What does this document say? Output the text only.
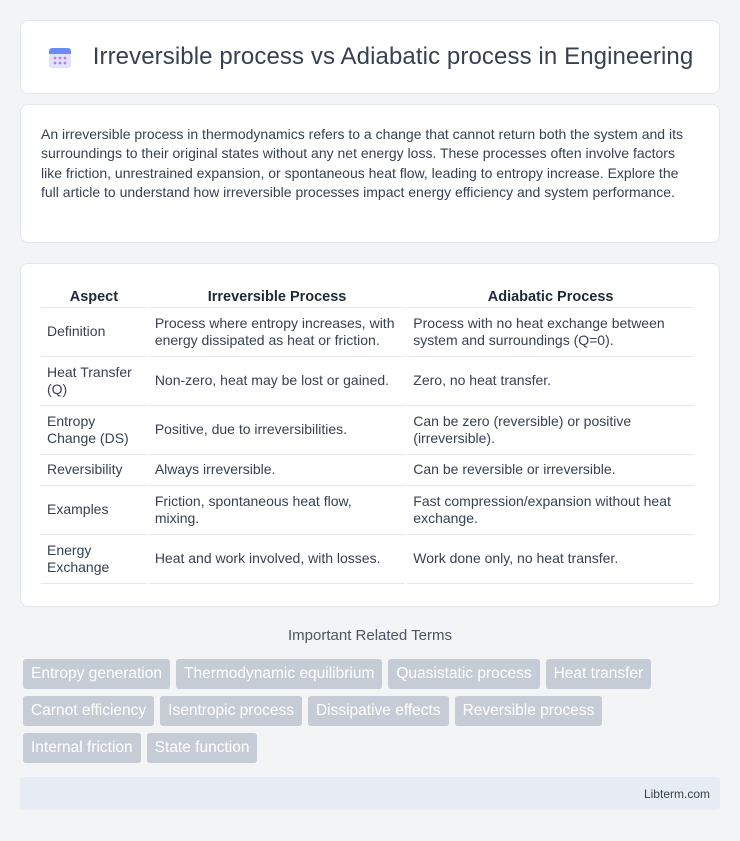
Irreversible process vs Adiabatic process in Engineering

An irreversible process in thermodynamics refers to a change that cannot return both the system and its surroundings to their original states without any net energy loss. These processes often involve factors like friction, unrestrained expansion, or spontaneous heat flow, leading to entropy increase. Explore the full article to understand how irreversible processes impact energy efficiency and system performance.

Aspect	Irreversible Process	Adiabatic Process
Definition	Process where entropy increases, with energy dissipated as heat or friction.	Process with no heat exchange between system and surroundings (Q=0).
Heat Transfer (Q)	Non-zero, heat may be lost or gained.	Zero, no heat transfer.
Entropy Change (DS)	Positive, due to irreversibilities.	Can be zero (reversible) or positive (irreversible).
Reversibility	Always irreversible.	Can be reversible or irreversible.
Examples	Friction, spontaneous heat flow, mixing.	Fast compression/expansion without heat exchange.
Energy Exchange	Heat and work involved, with losses.	Work done only, no heat transfer.
Important Related Terms
Entropy generation	Thermodynamic equilibrium	Quasistatic process	Heat transfer
Carnot efficiency	Isentropic process	Dissipative effects	Reversible process
Internal friction	State function
Libterm.com
